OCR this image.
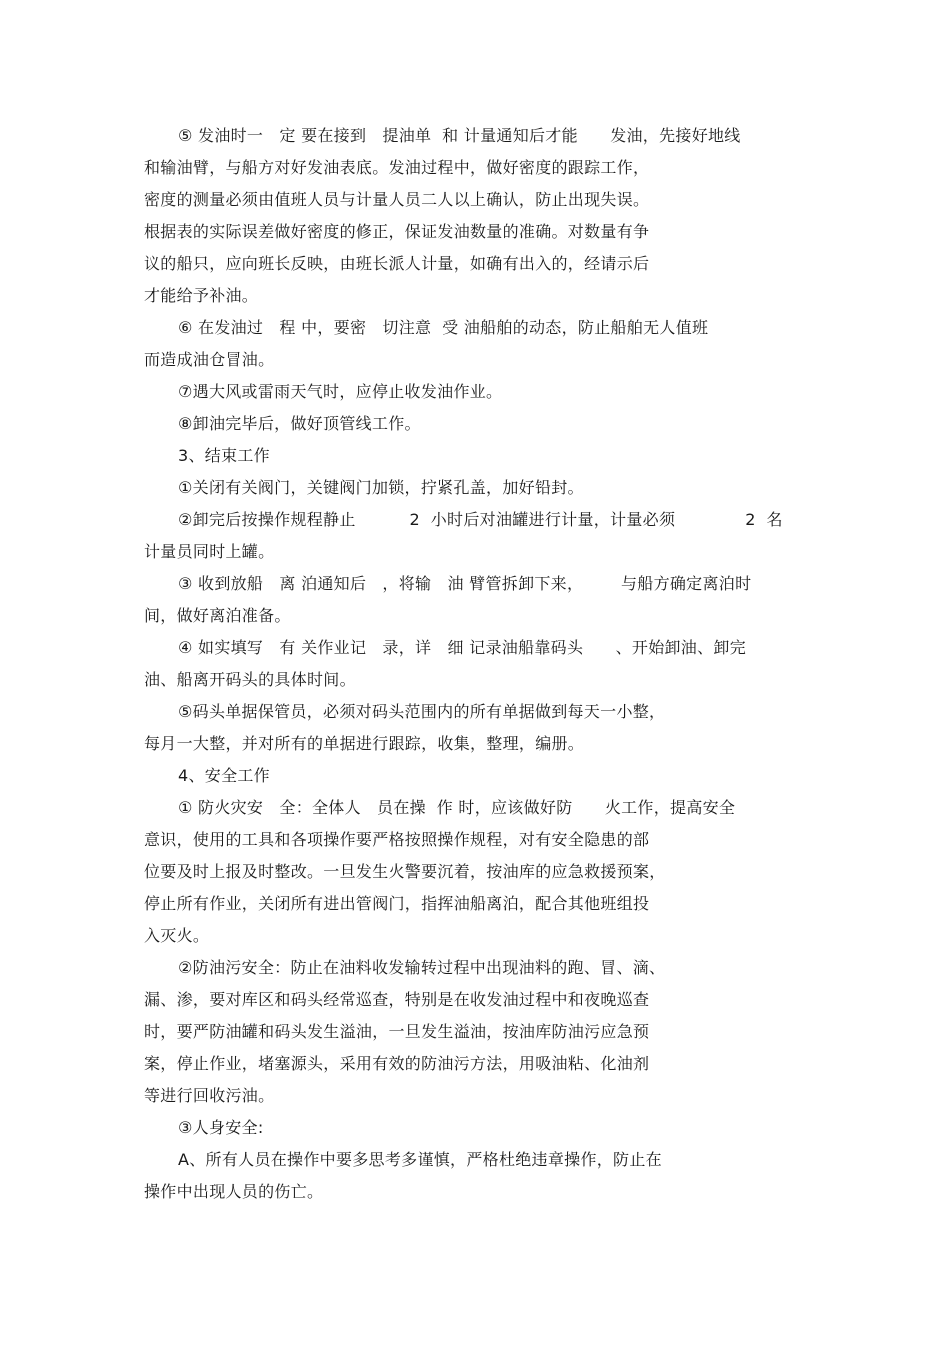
⑤ 发油时一   定 要在接到   提油单  和 计量通知后才能      发油，先接好地线
和输油臂，与船方对好发油表底。发油过程中，做好密度的跟踪工作，
密度的测量必须由值班人员与计量人员二人以上确认，防止出现失误。
根据表的实际误差做好密度的修正，保证发油数量的准确。对数量有争
议的船只，应向班长反映，由班长派人计量，如确有出入的，经请示后
才能给予补油。
⑥ 在发油过   程 中，要密   切注意  受 油船舶的动态，防止船舶无人值班
而造成油仓冒油。
⑦遇大风或雷雨天气时，应停止收发油作业。
⑧卸油完毕后，做好顶管线工作。
3、结束工作
①关闭有关阀门，关键阀门加锁，拧紧孔盖，加好铅封。
②卸完后按操作规程静止          2  小时后对油罐进行计量，计量必须             2  名
计量员同时上罐。
③ 收到放船   离 泊通知后   ，将输   油 臂管拆卸下来，       与船方确定离泊时
间，做好离泊准备。
④ 如实填写   有 关作业记   录，详   细 记录油船靠码头      、开始卸油、卸完
油、船离开码头的具体时间。
⑤码头单据保管员，必须对码头范围内的所有单据做到每天一小整，
每月一大整，并对所有的单据进行跟踪，收集，整理，编册。
4、安全工作
① 防火灾安   全：全体人   员在操  作 时，应该做好防      火工作，提高安全
意识，使用的工具和各项操作要严格按照操作规程，对有安全隐患的部
位要及时上报及时整改。一旦发生火警要沉着，按油库的应急救援预案，
停止所有作业，关闭所有进出管阀门，指挥油船离泊，配合其他班组投
入灭火。
②防油污安全：防止在油料收发输转过程中出现油料的跑、冒、滴、
漏、渗，要对库区和码头经常巡查，特别是在收发油过程中和夜晚巡查
时，要严防油罐和码头发生溢油，一旦发生溢油，按油库防油污应急预
案，停止作业，堵塞源头，采用有效的防油污方法，用吸油粘、化油剂
等进行回收污油。
③人身安全:
A、所有人员在操作中要多思考多谨慎，严格杜绝违章操作，防止在
操作中出现人员的伤亡。
